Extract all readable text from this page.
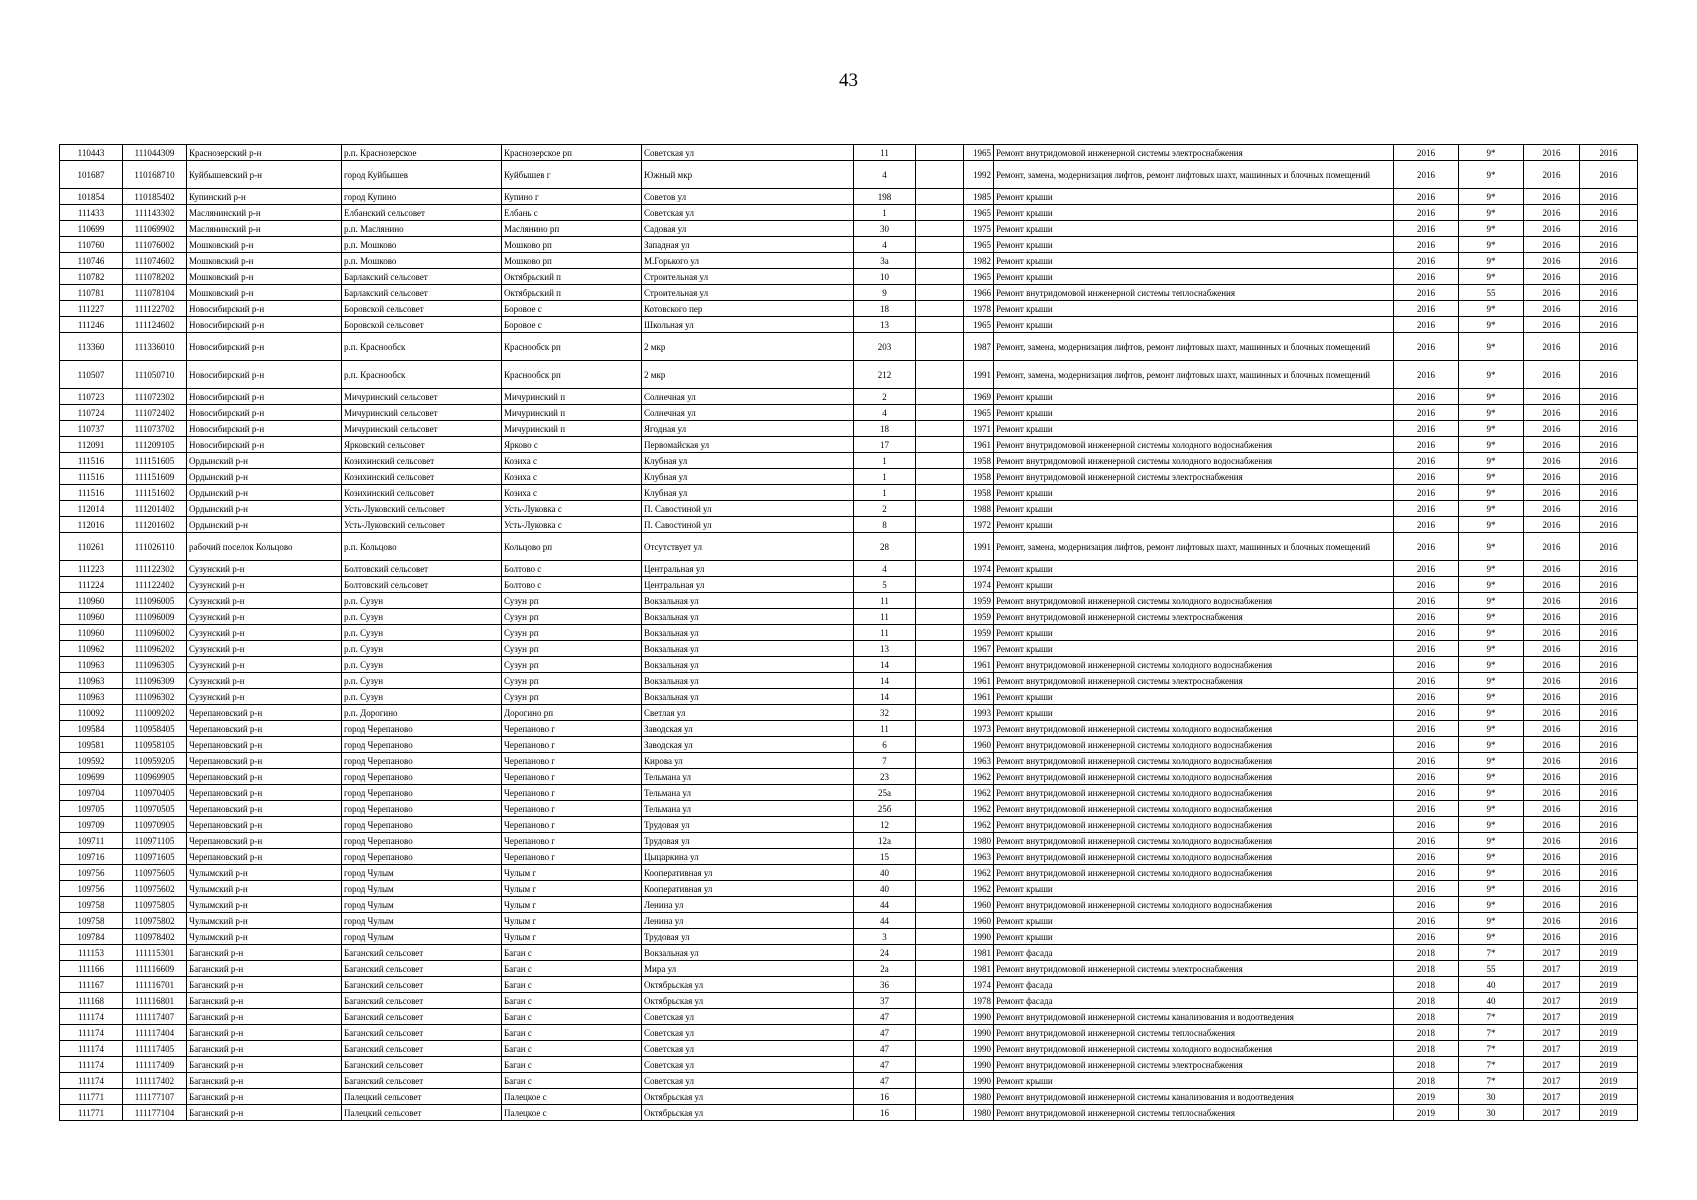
43
110443	111044309	Краснозерский р-н	р.п. Краснозерское	Краснозерское рп	Советская ул	11		1965	Ремонт внутридомовой инженерной системы электроснабжения	2016	9*	2016	2016
101687	110168710	Куйбышевский р-н	город Куйбышев	Куйбышев г	Южный мкр	4		1992	Ремонт, замена, модернизация лифтов, ремонт лифтовых шахт, машинных и блочных помещений	2016	9*	2016	2016
101854	110185402	Купинский р-н	город Купино	Купино г	Советов ул	198		1985	Ремонт крыши	2016	9*	2016	2016
111433	111143302	Маслянинский р-н	Елбанский сельсовет	Елбань с	Советская ул	1		1965	Ремонт крыши	2016	9*	2016	2016
110699	111069902	Маслянинский р-н	р.п. Маслянино	Маслянино рп	Садовая ул	30		1975	Ремонт крыши	2016	9*	2016	2016
110760	111076002	Мошковский р-н	р.п. Мошково	Мошково рп	Западная ул	4		1965	Ремонт крыши	2016	9*	2016	2016
110746	111074602	Мошковский р-н	р.п. Мошково	Мошково рп	М.Горького ул	3а		1982	Ремонт крыши	2016	9*	2016	2016
110782	111078202	Мошковский р-н	Барлакский сельсовет	Октябрьский п	Строительная ул	10		1965	Ремонт крыши	2016	9*	2016	2016
110781	111078104	Мошковский р-н	Барлакский сельсовет	Октябрьский п	Строительная ул	9		1966	Ремонт внутридомовой инженерной системы теплоснабжения	2016	55	2016	2016
111227	111122702	Новосибирский р-н	Боровской сельсовет	Боровое с	Котовского пер	18		1978	Ремонт крыши	2016	9*	2016	2016
111246	111124602	Новосибирский р-н	Боровской сельсовет	Боровое с	Школьная ул	13		1965	Ремонт крыши	2016	9*	2016	2016
113360	111336010	Новосибирский р-н	р.п. Краснообск	Краснообск рп	2 мкр	203		1987	Ремонт, замена, модернизация лифтов, ремонт лифтовых шахт, машинных и блочных помещений	2016	9*	2016	2016
110507	111050710	Новосибирский р-н	р.п. Краснообск	Краснообск рп	2 мкр	212		1991	Ремонт, замена, модернизация лифтов, ремонт лифтовых шахт, машинных и блочных помещений	2016	9*	2016	2016
110723	111072302	Новосибирский р-н	Мичуринский сельсовет	Мичуринский п	Солнечная ул	2		1969	Ремонт крыши	2016	9*	2016	2016
110724	111072402	Новосибирский р-н	Мичуринский сельсовет	Мичуринский п	Солнечная ул	4		1965	Ремонт крыши	2016	9*	2016	2016
110737	111073702	Новосибирский р-н	Мичуринский сельсовет	Мичуринский п	Ягодная ул	18		1971	Ремонт крыши	2016	9*	2016	2016
112091	111209105	Новосибирский р-н	Ярковский сельсовет	Ярково с	Первомайская ул	17		1961	Ремонт внутридомовой инженерной системы холодного водоснабжения	2016	9*	2016	2016
111516	111151605	Ордынский р-н	Козихинский сельсовет	Козиха с	Клубная ул	1		1958	Ремонт внутридомовой инженерной системы холодного водоснабжения	2016	9*	2016	2016
111516	111151609	Ордынский р-н	Козихинский сельсовет	Козиха с	Клубная ул	1		1958	Ремонт внутридомовой инженерной системы электроснабжения	2016	9*	2016	2016
111516	111151602	Ордынский р-н	Козихинский сельсовет	Козиха с	Клубная ул	1		1958	Ремонт крыши	2016	9*	2016	2016
112014	111201402	Ордынский р-н	Усть-Луковский сельсовет	Усть-Луковка с	П. Савостиной ул	2		1988	Ремонт крыши	2016	9*	2016	2016
112016	111201602	Ордынский р-н	Усть-Луковский сельсовет	Усть-Луковка с	П. Савостиной ул	8		1972	Ремонт крыши	2016	9*	2016	2016
110261	111026110	рабочий поселок Кольцово	р.п. Кольцово	Кольцово рп	Отсутствует ул	28		1991	Ремонт, замена, модернизация лифтов, ремонт лифтовых шахт, машинных и блочных помещений	2016	9*	2016	2016
111223	111122302	Сузунский р-н	Болтовский сельсовет	Болтово с	Центральная ул	4		1974	Ремонт крыши	2016	9*	2016	2016
111224	111122402	Сузунский р-н	Болтовский сельсовет	Болтово с	Центральная ул	5		1974	Ремонт крыши	2016	9*	2016	2016
110960	111096005	Сузунский р-н	р.п. Сузун	Сузун рп	Вокзальная ул	11		1959	Ремонт внутридомовой инженерной системы холодного водоснабжения	2016	9*	2016	2016
110960	111096009	Сузунский р-н	р.п. Сузун	Сузун рп	Вокзальная ул	11		1959	Ремонт внутридомовой инженерной системы электроснабжения	2016	9*	2016	2016
110960	111096002	Сузунский р-н	р.п. Сузун	Сузун рп	Вокзальная ул	11		1959	Ремонт крыши	2016	9*	2016	2016
110962	111096202	Сузунский р-н	р.п. Сузун	Сузун рп	Вокзальная ул	13		1967	Ремонт крыши	2016	9*	2016	2016
110963	111096305	Сузунский р-н	р.п. Сузун	Сузун рп	Вокзальная ул	14		1961	Ремонт внутридомовой инженерной системы холодного водоснабжения	2016	9*	2016	2016
110963	111096309	Сузунский р-н	р.п. Сузун	Сузун рп	Вокзальная ул	14		1961	Ремонт внутридомовой инженерной системы электроснабжения	2016	9*	2016	2016
110963	111096302	Сузунский р-н	р.п. Сузун	Сузун рп	Вокзальная ул	14		1961	Ремонт крыши	2016	9*	2016	2016
110092	111009202	Черепановский р-н	р.п. Дорогино	Дорогино рп	Светлая ул	32		1993	Ремонт крыши	2016	9*	2016	2016
109584	110958405	Черепановский р-н	город Черепаново	Черепаново г	Заводская ул	11		1973	Ремонт внутридомовой инженерной системы холодного водоснабжения	2016	9*	2016	2016
109581	110958105	Черепановский р-н	город Черепаново	Черепаново г	Заводская ул	6		1960	Ремонт внутридомовой инженерной системы холодного водоснабжения	2016	9*	2016	2016
109592	110959205	Черепановский р-н	город Черепаново	Черепаново г	Кирова ул	7		1963	Ремонт внутридомовой инженерной системы холодного водоснабжения	2016	9*	2016	2016
109699	110969905	Черепановский р-н	город Черепаново	Черепаново г	Тельмана ул	23		1962	Ремонт внутридомовой инженерной системы холодного водоснабжения	2016	9*	2016	2016
109704	110970405	Черепановский р-н	город Черепаново	Черепаново г	Тельмана ул	25а		1962	Ремонт внутридомовой инженерной системы холодного водоснабжения	2016	9*	2016	2016
109705	110970505	Черепановский р-н	город Черепаново	Черепаново г	Тельмана ул	25б		1962	Ремонт внутридомовой инженерной системы холодного водоснабжения	2016	9*	2016	2016
109709	110970905	Черепановский р-н	город Черепаново	Черепаново г	Трудовая ул	12		1962	Ремонт внутридомовой инженерной системы холодного водоснабжения	2016	9*	2016	2016
109711	110971105	Черепановский р-н	город Черепаново	Черепаново г	Трудовая ул	12а		1980	Ремонт внутридомовой инженерной системы холодного водоснабжения	2016	9*	2016	2016
109716	110971605	Черепановский р-н	город Черепаново	Черепаново г	Цыцаркина ул	15		1963	Ремонт внутридомовой инженерной системы холодного водоснабжения	2016	9*	2016	2016
109756	110975605	Чулымский р-н	город Чулым	Чулым г	Кооперативная ул	40		1962	Ремонт внутридомовой инженерной системы холодного водоснабжения	2016	9*	2016	2016
109756	110975602	Чулымский р-н	город Чулым	Чулым г	Кооперативная ул	40		1962	Ремонт крыши	2016	9*	2016	2016
109758	110975805	Чулымский р-н	город Чулым	Чулым г	Ленина ул	44		1960	Ремонт внутридомовой инженерной системы холодного водоснабжения	2016	9*	2016	2016
109758	110975802	Чулымский р-н	город Чулым	Чулым г	Ленина ул	44		1960	Ремонт крыши	2016	9*	2016	2016
109784	110978402	Чулымский р-н	город Чулым	Чулым г	Трудовая ул	3		1990	Ремонт крыши	2016	9*	2016	2016
111153	111115301	Баганский р-н	Баганский сельсовет	Баган с	Вокзальная ул	24		1981	Ремонт фасада	2018	7*	2017	2019
111166	111116609	Баганский р-н	Баганский сельсовет	Баган с	Мира ул	2а		1981	Ремонт внутридомовой инженерной системы электроснабжения	2018	55	2017	2019
111167	111116701	Баганский р-н	Баганский сельсовет	Баган с	Октябрьская ул	36		1974	Ремонт фасада	2018	40	2017	2019
111168	111116801	Баганский р-н	Баганский сельсовет	Баган с	Октябрьская ул	37		1978	Ремонт фасада	2018	40	2017	2019
111174	111117407	Баганский р-н	Баганский сельсовет	Баган с	Советская ул	47		1990	Ремонт внутридомовой инженерной системы канализования и водоотведения	2018	7*	2017	2019
111174	111117404	Баганский р-н	Баганский сельсовет	Баган с	Советская ул	47		1990	Ремонт внутридомовой инженерной системы теплоснабжения	2018	7*	2017	2019
111174	111117405	Баганский р-н	Баганский сельсовет	Баган с	Советская ул	47		1990	Ремонт внутридомовой инженерной системы холодного водоснабжения	2018	7*	2017	2019
111174	111117409	Баганский р-н	Баганский сельсовет	Баган с	Советская ул	47		1990	Ремонт внутридомовой инженерной системы электроснабжения	2018	7*	2017	2019
111174	111117402	Баганский р-н	Баганский сельсовет	Баган с	Советская ул	47		1990	Ремонт крыши	2018	7*	2017	2019
111771	111177107	Баганский р-н	Палецкий сельсовет	Палецкое с	Октябрьская ул	16		1980	Ремонт внутридомовой инженерной системы канализования и водоотведения	2019	30	2017	2019
111771	111177104	Баганский р-н	Палецкий сельсовет	Палецкое с	Октябрьская ул	16		1980	Ремонт внутридомовой инженерной системы теплоснабжения	2019	30	2017	2019
